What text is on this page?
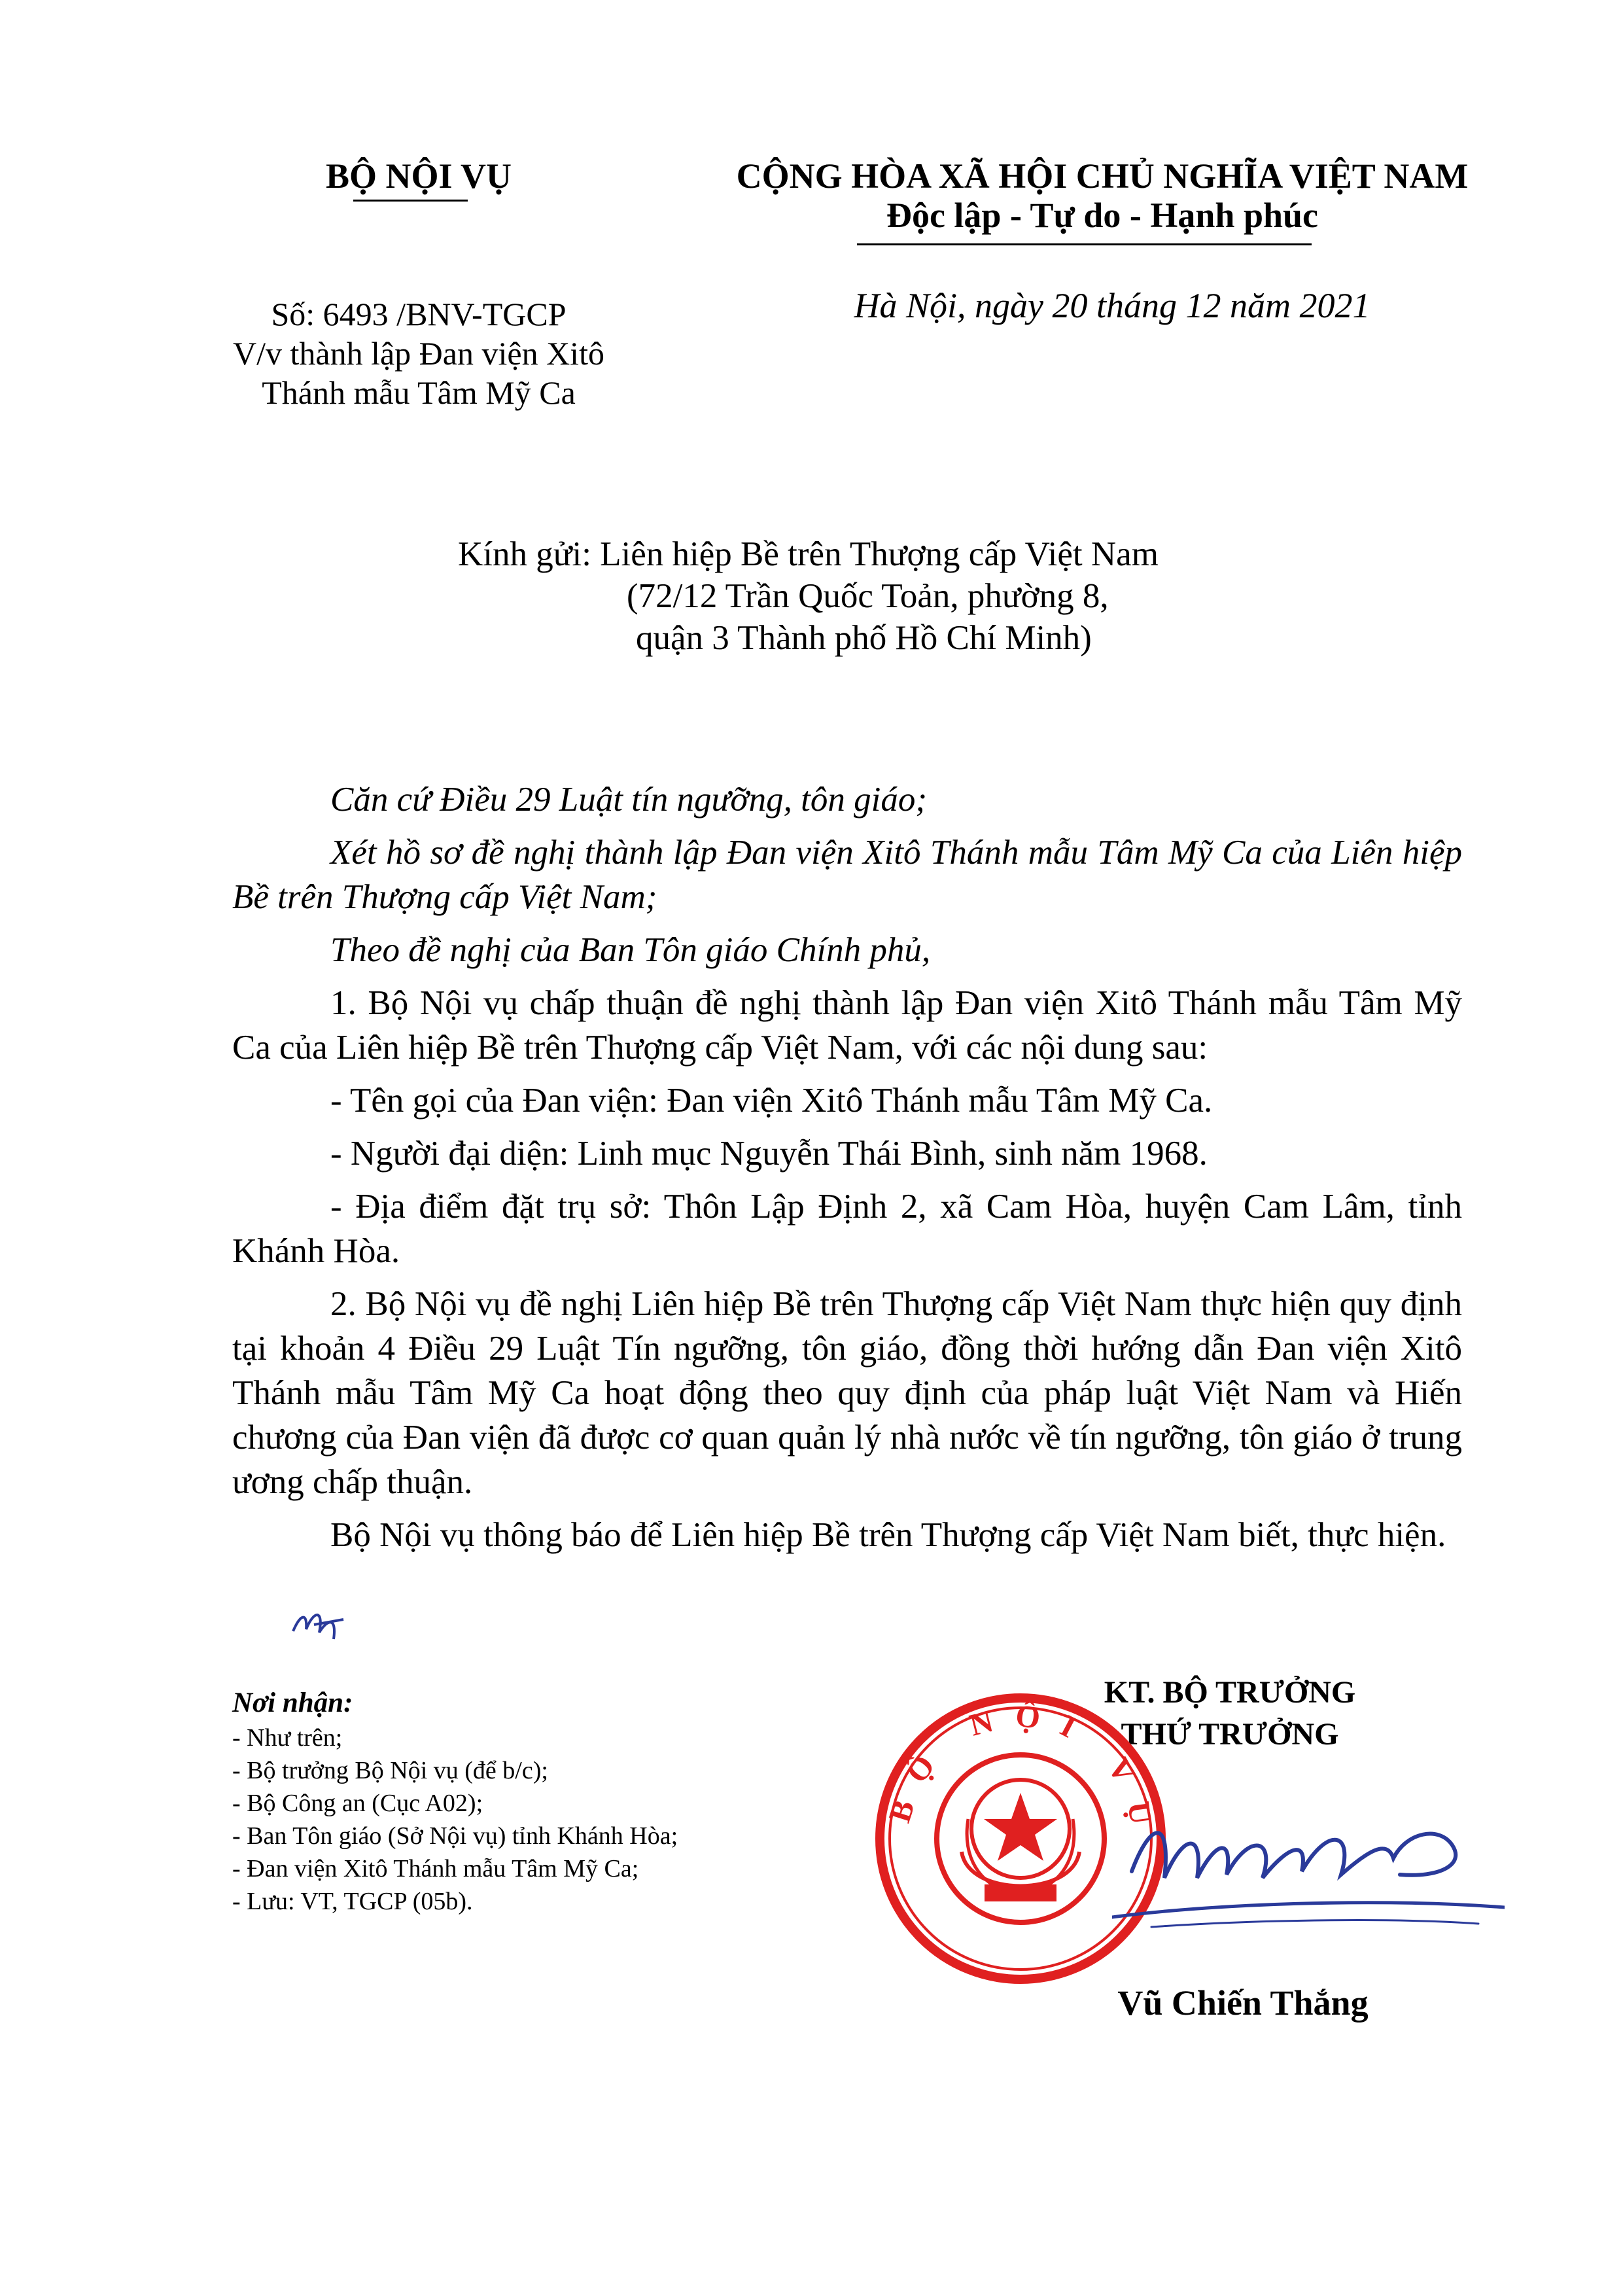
BỘ NỘI VỤ	CỘNG HÒA XÃ HỘI CHỦ NGHĨA VIỆT NAM
Độc lập - Tự do - Hạnh phúc
Số: 6493 /BNV-TGCP
V/v thành lập Đan viện Xitô
Thánh mẫu Tâm Mỹ Ca
Hà Nội, ngày 20 tháng 12 năm 2021
Kính gửi: Liên hiệp Bề trên Thượng cấp Việt Nam
(72/12 Trần Quốc Toản, phường 8,
quận 3 Thành phố Hồ Chí Minh)

Căn cứ Điều 29 Luật tín ngưỡng, tôn giáo;

Xét hồ sơ đề nghị thành lập Đan viện Xitô Thánh mẫu Tâm Mỹ Ca của Liên hiệp Bề trên Thượng cấp Việt Nam;

Theo đề nghị của Ban Tôn giáo Chính phủ,

1. Bộ Nội vụ chấp thuận đề nghị thành lập Đan viện Xitô Thánh mẫu Tâm Mỹ Ca của Liên hiệp Bề trên Thượng cấp Việt Nam, với các nội dung sau:

- Tên gọi của Đan viện: Đan viện Xitô Thánh mẫu Tâm Mỹ Ca.

- Người đại diện: Linh mục Nguyễn Thái Bình, sinh năm 1968.

- Địa điểm đặt trụ sở: Thôn Lập Định 2, xã Cam Hòa, huyện Cam Lâm, tỉnh Khánh Hòa.

2. Bộ Nội vụ đề nghị Liên hiệp Bề trên Thượng cấp Việt Nam thực hiện quy định tại khoản 4 Điều 29 Luật Tín ngưỡng, tôn giáo, đồng thời hướng dẫn Đan viện Xitô Thánh mẫu Tâm Mỹ Ca hoạt động theo quy định của pháp luật Việt Nam và Hiến chương của Đan viện đã được cơ quan quản lý nhà nước về tín ngưỡng, tôn giáo ở trung ương chấp thuận.

Bộ Nội vụ thông báo để Liên hiệp Bề trên Thượng cấp Việt Nam biết, thực hiện.

Nơi nhận:
- Như trên;
- Bộ trưởng Bộ Nội vụ (để b/c);
- Bộ Công an (Cục A02);
- Ban Tôn giáo (Sở Nội vụ) tỉnh Khánh Hòa;
- Đan viện Xitô Thánh mẫu Tâm Mỹ Ca;
- Lưu: VT, TGCP (05b).
KT. BỘ TRƯỞNG
THỨ TRƯỞNG
BỘ NỘI VỤ
Vũ Chiến Thắng
